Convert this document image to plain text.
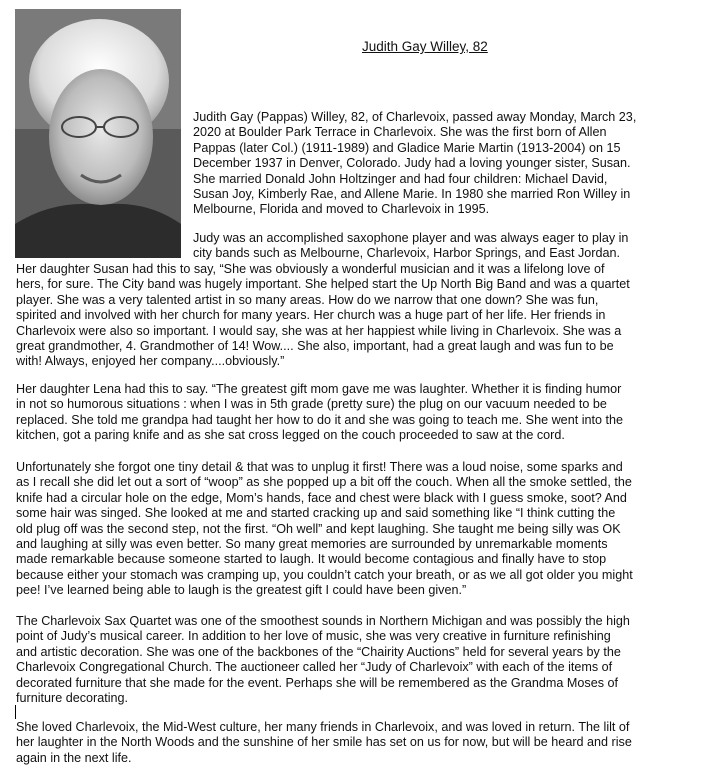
Judith Gay Willey, 82

Judith Gay (Pappas) Willey, 82, of Charlevoix, passed away Monday, March 23,
2020 at Boulder Park Terrace in Charlevoix. She was the first born of Allen
Pappas (later Col.) (1911-1989) and Gladice Marie Martin (1913-2004) on 15
December 1937 in Denver, Colorado. Judy had a loving younger sister, Susan.
She married Donald John Holtzinger and had four children: Michael David,
Susan Joy, Kimberly Rae, and Allene Marie. In 1980 she married Ron Willey in
Melbourne, Florida and moved to Charlevoix in 1995.

Judy was an accomplished saxophone player and was always eager to play in
city bands such as Melbourne, Charlevoix, Harbor Springs, and East Jordan.

Her daughter Susan had this to say, “She was obviously a wonderful musician and it was a lifelong love of
hers, for sure. The City band was hugely important. She helped start the Up North Big Band and was a quartet
player. She was a very talented artist in so many areas. How do we narrow that one down? She was fun,
spirited and involved with her church for many years. Her church was a huge part of her life. Her friends in
Charlevoix were also so important. I would say, she was at her happiest while living in Charlevoix. She was a
great grandmother, 4. Grandmother of 14! Wow.... She also, important, had a great laugh and was fun to be
with! Always, enjoyed her company....obviously.”

Her daughter Lena had this to say. “The greatest gift mom gave me was laughter. Whether it is finding humor
in not so humorous situations : when I was in 5th grade (pretty sure) the plug on our vacuum needed to be
replaced. She told me grandpa had taught her how to do it and she was going to teach me. She went into the
kitchen, got a paring knife and as she sat cross legged on the couch proceeded to saw at the cord.

Unfortunately she forgot one tiny detail & that was to unplug it first! There was a loud noise, some sparks and
as I recall she did let out a sort of “woop” as she popped up a bit off the couch. When all the smoke settled, the
knife had a circular hole on the edge, Mom’s hands, face and chest were black with I guess smoke, soot? And
some hair was singed. She looked at me and started cracking up and said something like “I think cutting the
old plug off was the second step, not the first. “Oh well” and kept laughing. She taught me being silly was OK
and laughing at silly was even better. So many great memories are surrounded by unremarkable moments
made remarkable because someone started to laugh. It would become contagious and finally have to stop
because either your stomach was cramping up, you couldn’t catch your breath, or as we all got older you might
pee! I’ve learned being able to laugh is the greatest gift I could have been given.”

The Charlevoix Sax Quartet was one of the smoothest sounds in Northern Michigan and was possibly the high
point of Judy’s musical career. In addition to her love of music, she was very creative in furniture refinishing
and artistic decoration. She was one of the backbones of the “Chairity Auctions” held for several years by the
Charlevoix Congregational Church. The auctioneer called her “Judy of Charlevoix” with each of the items of
decorated furniture that she made for the event. Perhaps she will be remembered as the Grandma Moses of
furniture decorating.

She loved Charlevoix, the Mid-West culture, her many friends in Charlevoix, and was loved in return. The lilt of
her laughter in the North Woods and the sunshine of her smile has set on us for now, but will be heard and rise
again in the next life.
